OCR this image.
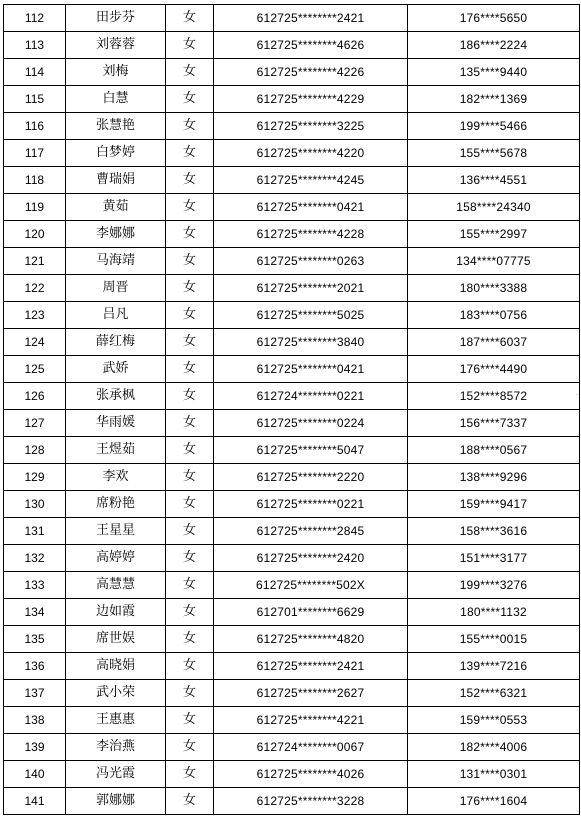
112	田步芬	女	612725********2421	176****5650
113	刘蓉蓉	女	612725********4626	186****2224
114	刘梅	女	612725********4226	135****9440
115	白慧	女	612725********4229	182****1369
116	张慧艳	女	612725********3225	199****5466
117	白梦婷	女	612725********4220	155****5678
118	曹瑞娟	女	612725********4245	136****4551
119	黄茹	女	612725********0421	158****24340
120	李娜娜	女	612725********4228	155****2997
121	马海靖	女	612725********0263	134****07775
122	周晋	女	612725********2021	180****3388
123	吕凡	女	612725********5025	183****0756
124	薛红梅	女	612725********3840	187****6037
125	武娇	女	612725********0421	176****4490
126	张承枫	女	612724********0221	152****8572
127	华雨媛	女	612725********0224	156****7337
128	王煜茹	女	612725********5047	188****0567
129	李欢	女	612725********2220	138****9296
130	席粉艳	女	612725********0221	159****9417
131	王星星	女	612725********2845	158****3616
132	高婷婷	女	612725********2420	151****3177
133	高慧慧	女	612725********502X	199****3276
134	边如霞	女	612701********6629	180****1132
135	席世娱	女	612725********4820	155****0015
136	高晓娟	女	612725********2421	139****7216
137	武小荣	女	612725********2627	152****6321
138	王惠惠	女	612725********4221	159****0553
139	李治燕	女	612724********0067	182****4006
140	冯光霞	女	612725********4026	131****0301
141	郭娜娜	女	612725********3228	176****1604
